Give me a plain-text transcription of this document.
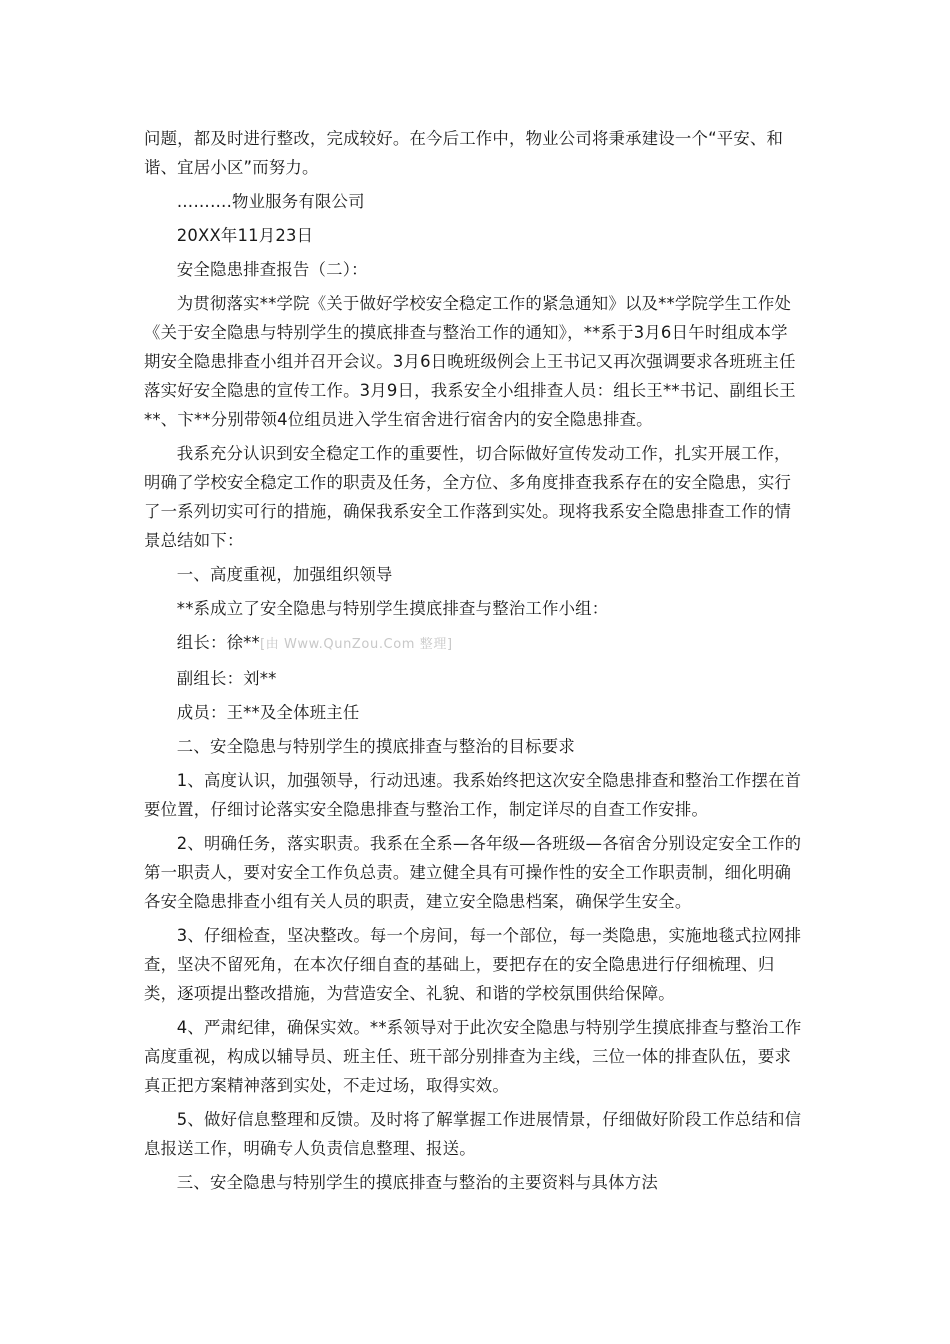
问题，都及时进行整改，完成较好。在今后工作中，物业公司将秉承建设一个“平安、和谐、宜居小区”而努力。

……….物业服务有限公司

20XX年11月23日

安全隐患排查报告（二）：

为贯彻落实**学院《关于做好学校安全稳定工作的紧急通知》以及**学院学生工作处《关于安全隐患与特别学生的摸底排查与整治工作的通知》，**系于3月6日午时组成本学期安全隐患排查小组并召开会议。3月6日晚班级例会上王书记又再次强调要求各班班主任落实好安全隐患的宣传工作。3月9日，我系安全小组排查人员：组长王**书记、副组长王**、卞**分别带领4位组员进入学生宿舍进行宿舍内的安全隐患排查。

我系充分认识到安全稳定工作的重要性，切合际做好宣传发动工作，扎实开展工作，明确了学校安全稳定工作的职责及任务，全方位、多角度排查我系存在的安全隐患，实行了一系列切实可行的措施，确保我系安全工作落到实处。现将我系安全隐患排查工作的情景总结如下：

一、高度重视，加强组织领导

**系成立了安全隐患与特别学生摸底排查与整治工作小组：

组长：徐**[由 Www.QunZou.Com 整理]

副组长：刘**

成员：王**及全体班主任

二、安全隐患与特别学生的摸底排查与整治的目标要求

1、高度认识，加强领导，行动迅速。我系始终把这次安全隐患排查和整治工作摆在首要位置，仔细讨论落实安全隐患排查与整治工作，制定详尽的自查工作安排。

2、明确任务，落实职责。我系在全系—各年级—各班级—各宿舍分别设定安全工作的第一职责人，要对安全工作负总责。建立健全具有可操作性的安全工作职责制，细化明确各安全隐患排查小组有关人员的职责，建立安全隐患档案，确保学生安全。

3、仔细检查，坚决整改。每一个房间，每一个部位，每一类隐患，实施地毯式拉网排查，坚决不留死角，在本次仔细自查的基础上，要把存在的安全隐患进行仔细梳理、归类，逐项提出整改措施，为营造安全、礼貌、和谐的学校氛围供给保障。

4、严肃纪律，确保实效。**系领导对于此次安全隐患与特别学生摸底排查与整治工作高度重视，构成以辅导员、班主任、班干部分别排查为主线，三位一体的排查队伍，要求真正把方案精神落到实处，不走过场，取得实效。

5、做好信息整理和反馈。及时将了解掌握工作进展情景，仔细做好阶段工作总结和信息报送工作，明确专人负责信息整理、报送。

三、安全隐患与特别学生的摸底排查与整治的主要资料与具体方法
